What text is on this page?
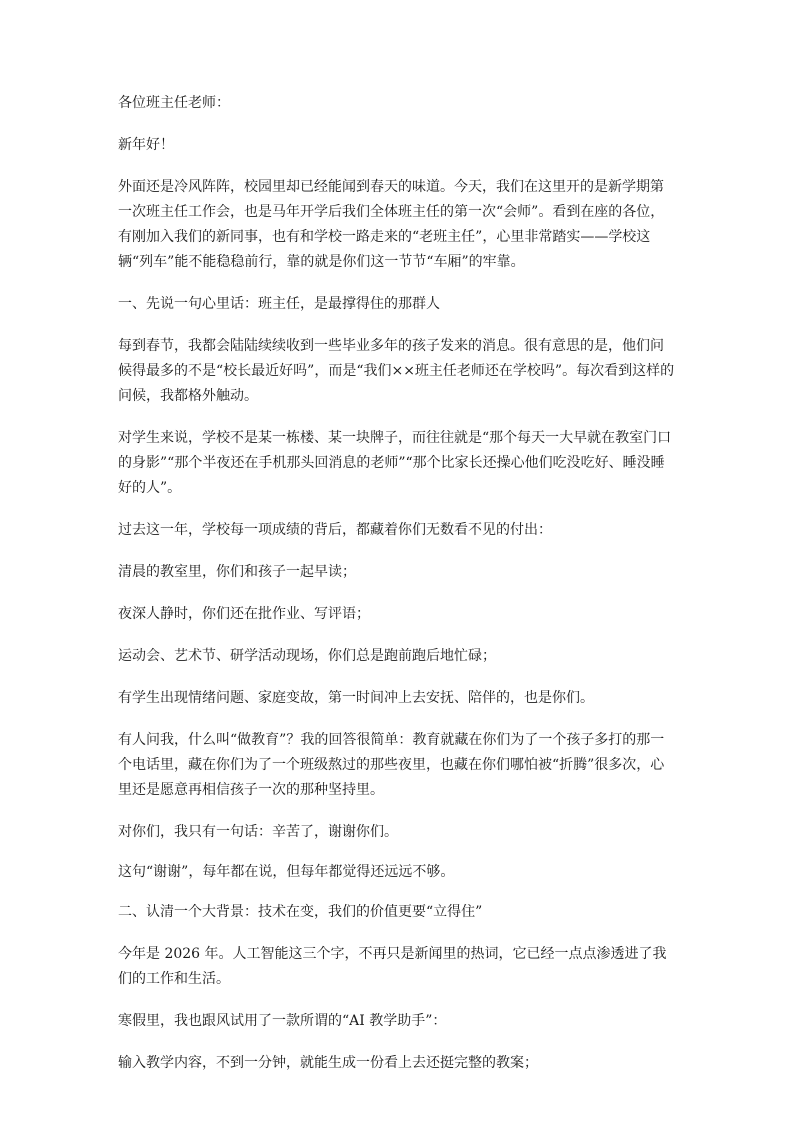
各位班主任老师：

新年好！

外面还是冷风阵阵，校园里却已经能闻到春天的味道。今天，我们在这里开的是新学期第一次班主任工作会，也是马年开学后我们全体班主任的第一次“会师”。看到在座的各位，有刚加入我们的新同事，也有和学校一路走来的“老班主任”，心里非常踏实——学校这辆“列车”能不能稳稳前行，靠的就是你们这一节节“车厢”的牢靠。

一、先说一句心里话：班主任，是最撑得住的那群人

每到春节，我都会陆陆续续收到一些毕业多年的孩子发来的消息。很有意思的是，他们问候得最多的不是“校长最近好吗”，而是“我们××班主任老师还在学校吗”。每次看到这样的问候，我都格外触动。

对学生来说，学校不是某一栋楼、某一块牌子，而往往就是“那个每天一大早就在教室门口的身影”“那个半夜还在手机那头回消息的老师”“那个比家长还操心他们吃没吃好、睡没睡好的人”。

过去这一年，学校每一项成绩的背后，都藏着你们无数看不见的付出：

清晨的教室里，你们和孩子一起早读；

夜深人静时，你们还在批作业、写评语；

运动会、艺术节、研学活动现场，你们总是跑前跑后地忙碌；

有学生出现情绪问题、家庭变故，第一时间冲上去安抚、陪伴的，也是你们。

有人问我，什么叫“做教育”？我的回答很简单：教育就藏在你们为了一个孩子多打的那一个电话里，藏在你们为了一个班级熬过的那些夜里，也藏在你们哪怕被“折腾”很多次，心里还是愿意再相信孩子一次的那种坚持里。

对你们，我只有一句话：辛苦了，谢谢你们。

这句“谢谢”，每年都在说，但每年都觉得还远远不够。

二、认清一个大背景：技术在变，我们的价值更要“立得住”

今年是 2026 年。人工智能这三个字，不再只是新闻里的热词，它已经一点点渗透进了我们的工作和生活。

寒假里，我也跟风试用了一款所谓的“AI 教学助手”：

输入教学内容，不到一分钟，就能生成一份看上去还挺完整的教案；
